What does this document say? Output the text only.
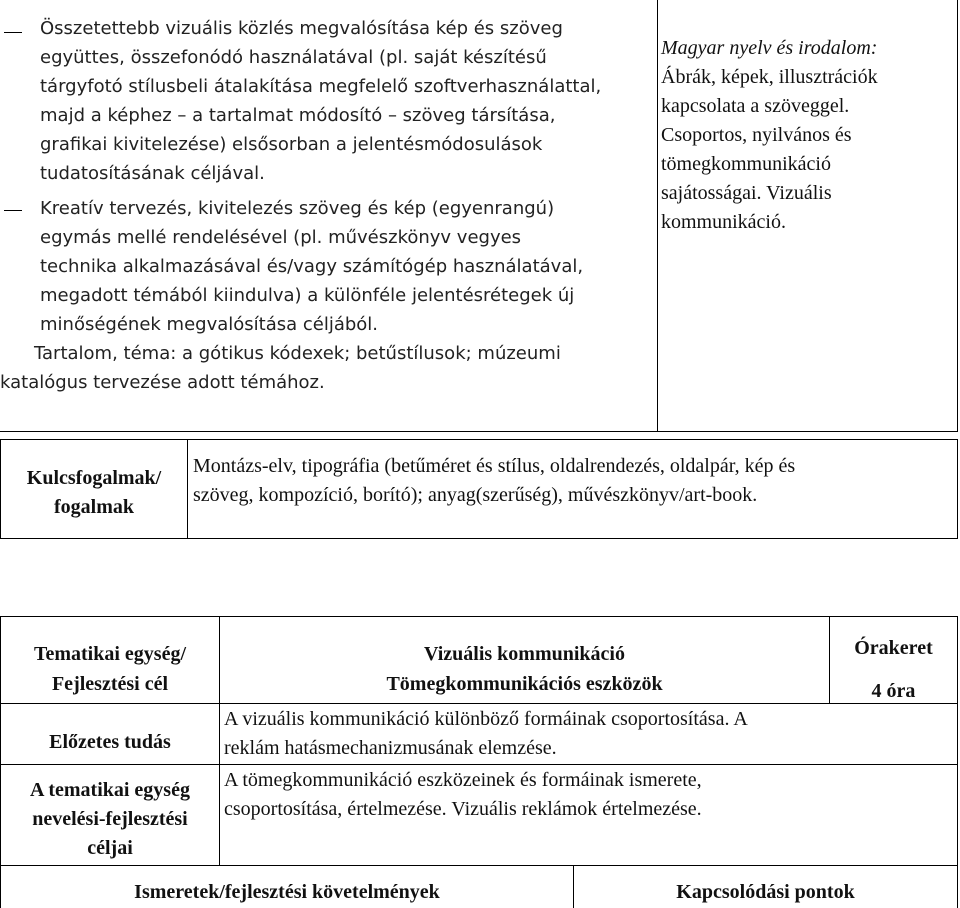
Összetettebb vizuális közlés megvalósítása kép és szöveg
együttes, összefonódó használatával (pl. saját készítésű
tárgyfotó stílusbeli átalakítása megfelelő szoftverhasználattal,
majd a képhez – a tartalmat módosító – szöveg társítása,
grafikai kivitelezése) elsősorban a jelentésmódosulások
tudatosításának céljával.
Kreatív tervezés, kivitelezés szöveg és kép (egyenrangú)
egymás mellé rendelésével (pl. művészkönyv vegyes
technika alkalmazásával és/vagy számítógép használatával,
megadott témából kiindulva) a különféle jelentésrétegek új
minőségének megvalósítása céljából.
Tartalom, téma: a gótikus kódexek; betűstílusok; múzeumi
katalógus tervezése adott témához.
Magyar nyelv és irodalom:
Ábrák, képek, illusztrációk
kapcsolata a szöveggel.
Csoportos, nyilvános és
tömegkommunikáció
sajátosságai. Vizuális
kommunikáció.
Kulcsfogalmak/
fogalmak
Montázs-elv, tipográfia (betűméret és stílus, oldalrendezés, oldalpár, kép és
szöveg, kompozíció, borító); anyag(szerűség), művészkönyv/art-book.
Tematikai egység/
Fejlesztési cél
Vizuális kommunikáció
Tömegkommunikációs eszközök
Órakeret
4 óra
Előzetes tudás
A vizuális kommunikáció különböző formáinak csoportosítása. A
reklám hatásmechanizmusának elemzése.
A tematikai egység
nevelési-fejlesztési
céljai
A tömegkommunikáció eszközeinek és formáinak ismerete,
csoportosítása, értelmezése. Vizuális reklámok értelmezése.
Ismeretek/fejlesztési követelmények	Kapcsolódási pontok
